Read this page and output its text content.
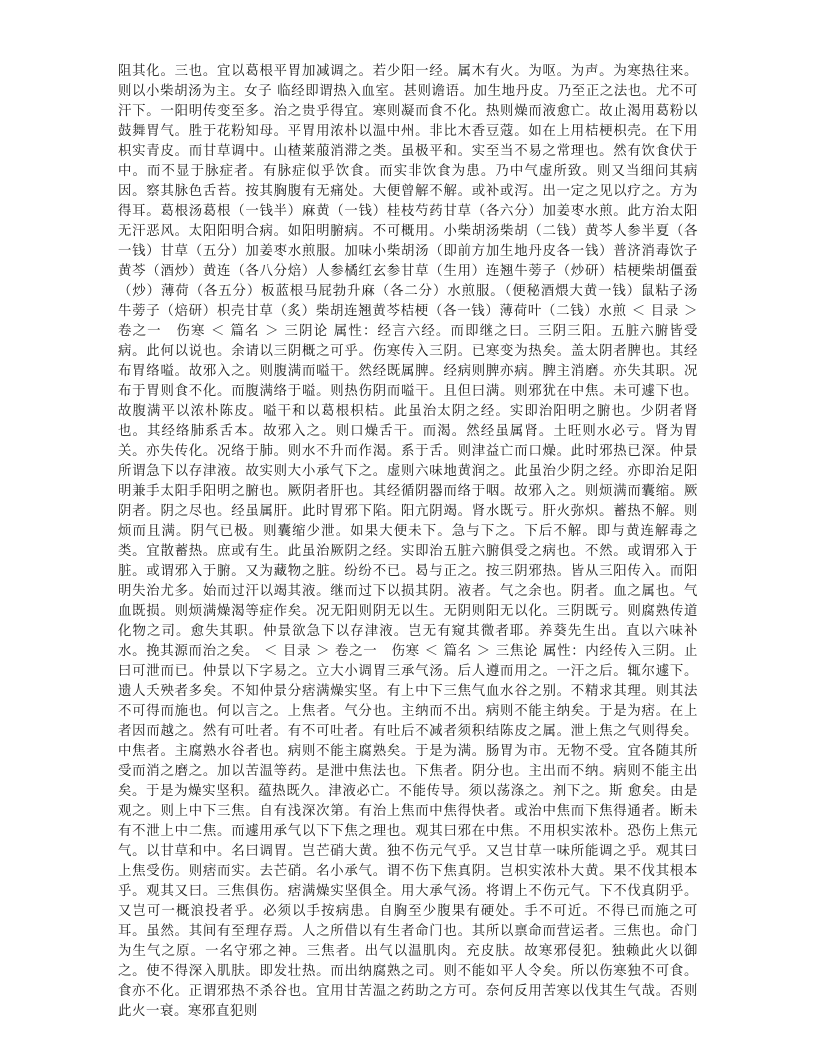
阻其化。三也。宜以葛根平胃加减调之。若少阳一经。属木有火。为呕。为声。为寒热往来。则以小柴胡汤为主。女子 临经即谓热入血室。甚则谵语。加生地丹皮。乃至正之法也。尤不可汗下。一阳明传变至多。治之贵乎得宜。寒则凝而食不化。热则燥而液愈亡。故止渴用葛粉以鼓舞胃气。胜于花粉知母。平胃用浓朴以温中州。非比木香豆蔻。如在上用桔梗枳壳。在下用枳实青皮。而甘草调中。山楂莱菔消滞之类。虽极平和。实至当不易之常理也。然有饮食伏于中。而不显于脉症者。有脉症似乎饮食。而实非饮食为患。乃中气虚所致。则又当细问其病因。察其脉色舌苔。按其胸腹有无痛处。大便曾解不解。或补或泻。出一定之见以疗之。方为得耳。葛根汤葛根（一钱半）麻黄（一钱）桂枝芍药甘草（各六分）加姜枣水煎。此方治太阳无汗恶风。太阳阳明合病。如阳明腑病。不可概用。小柴胡汤柴胡（二钱）黄芩人参半夏（各一钱）甘草（五分）加姜枣水煎服。加味小柴胡汤（即前方加生地丹皮各一钱）普济消毒饮子黄芩（酒炒）黄连（各八分焙）人参橘红玄参甘草（生用）连翘牛蒡子（炒研）桔梗柴胡僵蚕（炒）薄荷（各五分）板蓝根马屁勃升麻（各二分）水煎服。（便秘酒煨大黄一钱）鼠粘子汤牛蒡子（焙研）枳壳甘草（炙）柴胡连翘黄芩桔梗（各一钱）薄荷叶（二钱）水煎 ＜ 目录 ＞ 卷之一　伤寒 ＜ 篇名 ＞ 三阴论 属性：经言六经。而即继之曰。三阴三阳。五脏六腑皆受病。此何以说也。余请以三阴概之可乎。伤寒传入三阴。已寒变为热矣。盖太阴者脾也。其经布胃络嗌。故邪入之。则腹满而嗌干。然经既属脾。经病则脾亦病。脾主消磨。亦失其职。况布于胃则食不化。而腹满络于嗌。则热伤阴而嗌干。且但曰满。则邪犹在中焦。未可遽下也。故腹满平以浓朴陈皮。嗌干和以葛根枳桔。此虽治太阴之经。实即治阳明之腑也。少阴者肾也。其经络肺系舌本。故邪入之。则口燥舌干。而渴。然经虽属肾。土旺则水必亏。肾为胃关。亦失传化。况络于肺。则水不升而作渴。系于舌。则津益亡而口燥。此时邪热已深。仲景所谓急下以存津液。故实则大小承气下之。虚则六味地黄润之。此虽治少阴之经。亦即治足阳明兼手太阳手阳明之腑也。厥阴者肝也。其经循阴器而络于咽。故邪入之。则烦满而囊缩。厥阴者。阴之尽也。经虽属肝。此时胃邪下陷。阳亢阴竭。肾水既亏。肝火弥炽。蓄热不解。则烦而且满。阴气已极。则囊缩少泄。如果大便未下。急与下之。下后不解。即与黄连解毒之类。宜散蓄热。庶或有生。此虽治厥阴之经。实即治五脏六腑俱受之病也。不然。或谓邪入于脏。或谓邪入于腑。又为藏物之脏。纷纷不已。曷与正之。按三阴邪热。皆从三阳传入。而阳明失治尤多。始而过汗以竭其液。继而过下以损其阴。液者。气之余也。阴者。血之属也。气血既损。则烦满燥渴等症作矣。况无阳则阴无以生。无阴则阳无以化。三阴既亏。则腐熟传道化物之司。愈失其职。仲景欲急下以存津液。岂无有窥其微者耶。养葵先生出。直以六味补水。挽其源而治之矣。 ＜ 目录 ＞ 卷之一　伤寒 ＜ 篇名 ＞ 三焦论 属性：内经传入三阴。止曰可泄而已。仲景以下字易之。立大小调胃三承气汤。后人遵而用之。一汗之后。辄尔遽下。遗人夭殃者多矣。不知仲景分痞满燥实坚。有上中下三焦气血水谷之别。不精求其理。则其法不可得而施也。何以言之。上焦者。气分也。主纳而不出。病则不能主纳矣。于是为痞。在上者因而越之。然有可吐者。有不可吐者。有吐后不减者须积结陈皮之属。泄上焦之气则得矣。中焦者。主腐熟水谷者也。病则不能主腐熟矣。于是为满。肠胃为市。无物不受。宜各随其所受而消之磨之。加以苦温等药。是泄中焦法也。下焦者。阴分也。主出而不纳。病则不能主出矣。于是为燥实坚积。蕴热既久。津液必亡。不能传导。须以荡涤之。剂下之。斯 愈矣。由是观之。则上中下三焦。自有浅深次第。有治上焦而中焦得快者。或治中焦而下焦得通者。断未有不泄上中二焦。而遽用承气以下下焦之理也。观其曰邪在中焦。不用枳实浓朴。恐伤上焦元气。以甘草和中。名曰调胃。岂芒硝大黄。独不伤元气乎。又岂甘草一味所能调之乎。观其曰上焦受伤。则痞而实。去芒硝。名小承气。谓不伤下焦真阴。岂枳实浓朴大黄。果不伐其根本乎。观其又曰。三焦俱伤。痞满燥实坚俱全。用大承气汤。将谓上不伤元气。下不伐真阴乎。又岂可一概浪投者乎。必须以手按病患。自胸至少腹果有硬处。手不可近。不得已而施之可耳。虽然。其间有至理存焉。人之所借以有生者命门也。其所以禀命而营运者。三焦也。命门为生气之原。一名守邪之神。三焦者。出气以温肌肉。充皮肤。故寒邪侵犯。独赖此火以御之。使不得深入肌肤。即发壮热。而出纳腐熟之司。则不能如平人令矣。所以伤寒独不可食。食亦不化。正谓邪热不杀谷也。宜用甘苦温之药助之方可。奈何反用苦寒以伐其生气哉。否则此火一衰。寒邪直犯则
